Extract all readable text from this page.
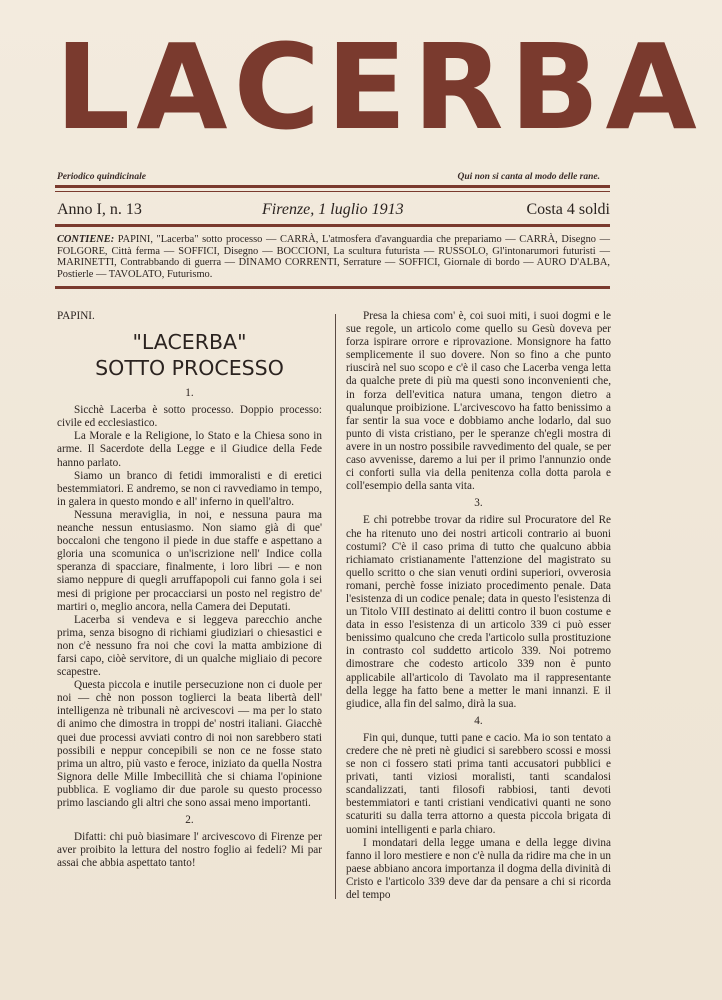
LACERBA
Periodico quindicinale	Qui non si canta al modo delle rane.
Anno I, n. 13	Firenze, 1 luglio 1913	Costa 4 soldi
CONTIENE: PAPINI, "Lacerba" sotto processo — CARRÀ, L'atmosfera d'avanguardia che prepariamo — CARRÀ, Disegno — FOLGORE, Città ferma — SOFFICI, Disegno — BOCCIONI, La scultura futurista — RUSSOLO, Gl'intonarumori futuristi — MARINETTI, Contrabbando di guerra — DINAMO CORRENTI, Serrature — SOFFICI, Giornale di bordo — AURO D'ALBA, Postierle — TAVOLATO, Futurismo.

PAPINI.

"LACERBA"
SOTTO PROCESSO
1.

Sicchè Lacerba è sotto processo. Doppio processo: civile ed ecclesiastico.

La Morale e la Religione, lo Stato e la Chiesa sono in arme. Il Sacerdote della Legge e il Giudice della Fede hanno parlato.

Siamo un branco di fetidi immoralisti e di eretici bestemmiatori. E andremo, se non ci ravvediamo in tempo, in galera in questo mondo e all' inferno in quell'altro.

Nessuna meraviglia, in noi, e nessuna paura ma neanche nessun entusiasmo. Non siamo già di que' boccaloni che tengono il piede in due staffe e aspettano a gloria una scomunica o un'iscrizione nell' Indice colla speranza di spacciare, finalmente, i loro libri — e non siamo neppure di quegli arruffapopoli cui fanno gola i sei mesi di prigione per procacciarsi un posto nel registro de' martiri o, meglio ancora, nella Camera dei Deputati.

Lacerba si vendeva e si leggeva parecchio anche prima, senza bisogno di richiami giudiziari o chiesastici e non c'è nessuno fra noi che covi la matta ambizione di farsi capo, ciòè servitore, di un qualche migliaio di pecore scapestre.

Questa piccola e inutile persecuzione non ci duole per noi — chè non posson toglierci la beata libertà dell' intelligenza nè tribunali nè arcivescovi — ma per lo stato di animo che dimostra in troppi de' nostri italiani. Giacchè quei due processi avviati contro di noi non sarebbero stati possibili e neppur concepibili se non ce ne fosse stato prima un altro, più vasto e feroce, iniziato da quella Nostra Signora delle Mille Imbecillità che si chiama l'opinione pubblica. E vogliamo dir due parole su questo processo primo lasciando gli altri che sono assai meno importanti.

2.

Difatti: chi può biasimare l' arcivescovo di Firenze per aver proibito la lettura del nostro foglio ai fedeli? Mi par assai che abbia aspettato tanto!

Presa la chiesa com' è, coi suoi miti, i suoi dogmi e le sue regole, un articolo come quello su Gesù doveva per forza ispirare orrore e riprovazione. Monsignore ha fatto semplicemente il suo dovere. Non so fino a che punto riuscirà nel suo scopo e c'è il caso che Lacerba venga letta da qualche prete di più ma questi sono inconvenienti che, in forza dell'evitica natura umana, tengon dietro a qualunque proibizione. L'arcivescovo ha fatto benissimo a far sentir la sua voce e dobbiamo anche lodarlo, dal suo punto di vista cristiano, per le speranze ch'egli mostra di avere in un nostro possibile ravvedimento del quale, se per caso avvenisse, daremo a lui per il primo l'annunzio onde ci conforti sulla via della penitenza colla dotta parola e coll'esempio della santa vita.

3.

E chi potrebbe trovar da ridire sul Procuratore del Re che ha ritenuto uno dei nostri articoli contrario ai buoni costumi? C'è il caso prima di tutto che qualcuno abbia richiamato cristianamente l'attenzione del magistrato su quello scritto o che sian venuti ordini superiori, ovverosia romani, perchè fosse iniziato procedimento penale. Data l'esistenza di un codice penale; data in questo l'esistenza di un Titolo VIII destinato ai delitti contro il buon costume e data in esso l'esistenza di un articolo 339 ci può esser benissimo qualcuno che creda l'articolo sulla prostituzione in contrasto col suddetto articolo 339. Noi potremo dimostrare che codesto articolo 339 non è punto applicabile all'articolo di Tavolato ma il rappresentante della legge ha fatto bene a metter le mani innanzi. E il giudice, alla fin del salmo, dirà la sua.

4.

Fin qui, dunque, tutti pane e cacio. Ma io son tentato a credere che nè preti nè giudici si sarebbero scossi e mossi se non ci fossero stati prima tanti accusatori pubblici e privati, tanti viziosi moralisti, tanti scandalosi scandalizzati, tanti filosofi rabbiosi, tanti devoti bestemmiatori e tanti cristiani vendicativi quanti ne sono scaturiti su dalla terra attorno a questa piccola brigata di uomini intelligenti e parla chiaro.

I mondatari della legge umana e della legge divina fanno il loro mestiere e non c'è nulla da ridire ma che in un paese abbiano ancora importanza il dogma della divinità di Cristo e l'articolo 339 deve dar da pensare a chi si ricorda del tempo
